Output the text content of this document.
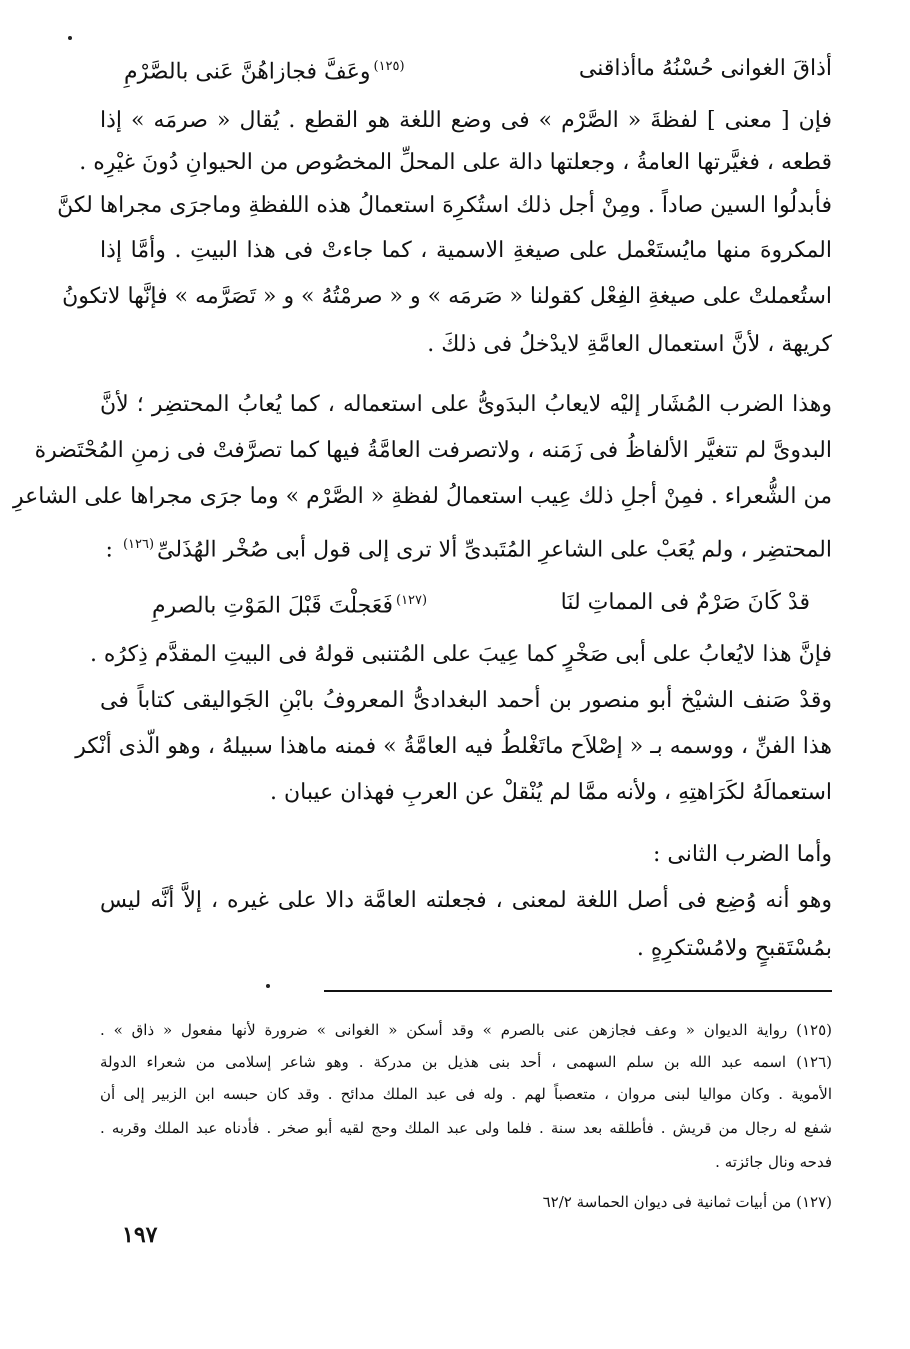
$^{(١٢٥)}$وعَفَّ فجازاهُنَّ عَنى بالصَّرْمِ	أذاقَ الغوانى حُسْنُهُ ماأذاقنى
فإن [ معنى ] لفظةَ « الصَّرْم » فى وضع اللغة هو القطع . يُقال « صرمَه » إذا
قطعه ، فغيَّرتها العامةُ ، وجعلتها دالة على المحلِّ المخصُوص من الحيوانِ دُونَ غيْرِه .
فأبدلُوا السين صاداً . ومِنْ أجل ذلك استُكرِهَ استعمالُ هذه اللفظةِ وماجرَى مجراها لكنَّ
المكروهَ منها مايُستَعْمل على صيغةِ الاسمية ، كما جاءتْ فى هذا البيتِ . وأمَّا إذا
استُعملتْ على صيغةِ الفِعْل كقولنا « صَرمَه » و « صرمْتُهُ » و « تَصَرَّمه » فإنَّها لاتكونُ
كريهة ، لأنَّ استعمال العامَّةِ لايدْخلُ فى ذلكَ .
وهذا الضرب المُشَار إليْه لايعابُ البدَوىُّ على استعماله ، كما يُعابُ المحتضِر ؛ لأنَّ
البدوىَّ لم تتغيَّر الألفاظُ فى زَمَنه ، ولاتصرفت العامَّةُ فيها كما تصرَّفتْ فى زمنِ المُحْتَضرة
من الشُّعراء . فمِنْ أجلِ ذلك عِيب استعمالُ لفظةِ « الصَّرْم » وما جرَى مجراها على الشاعرِ
المحتضِر ، ولم يُعَبْ على الشاعرِ المُتَبدىِّ ألا ترى إلى قول أبى صُخْر الهُذَلىِّ$^{(١٢٦)}$ :
$^{(١٢٧)}$فَعَجلْتَ قَبْلَ المَوْتِ بالصرمِ	قدْ كَانَ صَرْمٌ فى المماتِ لنَا
فإنَّ هذا لايُعابُ على أبى صَخْرٍ كما عِيبَ على المُتنبى قولهُ فى البيتِ المقدَّم ذِكرُه .
وقدْ صَنف الشيْخ أبو منصور بن أحمد البغدادىُّ المعروفُ بابْنِ الجَواليقى كتاباً فى
هذا الفنِّ ، ووسمه بـ « إصْلاَح ماتَغْلطُ فيه العامَّةُ » فمنه ماهذا سبيلهُ ، وهو الّذى أنْكر
استعمالَهُ لكَرَاهتِهِ ، ولأنه ممَّا لم يُنْقلْ عن العربِ فهذان عيبان .
وأما الضرب الثانى :
وهو أنه وُضِع فى أصل اللغة لمعنى ، فجعلته العامَّة دالا على غيره ، إلاَّ أنَّه ليس
بمُسْتَقبحٍ ولامُسْتكرِهٍ .
(١٢٥) رواية الديوان « وعف فجازهن عنى بالصرم » وقد أسكن « الغوانى » ضرورة لأنها مفعول « ذاق » .
(١٢٦) اسمه عبد الله بن سلم السهمى ، أحد بنى هذيل بن مدركة . وهو شاعر إسلامى من شعراء الدولة
الأموية . وكان مواليا لبنى مروان ، متعصباً لهم . وله فى عبد الملك مدائح . وقد كان حبسه ابن الزبير إلى أن
شفع له رجال من قريش . فأطلقه بعد سنة . فلما ولى عبد الملك وحج لقيه أبو صخر . فأدناه عبد الملك وقربه .
فدحه ونال جائزته .
(١٢٧) من أبيات ثمانية فى ديوان الحماسة ٦٢/٢
١٩٧
